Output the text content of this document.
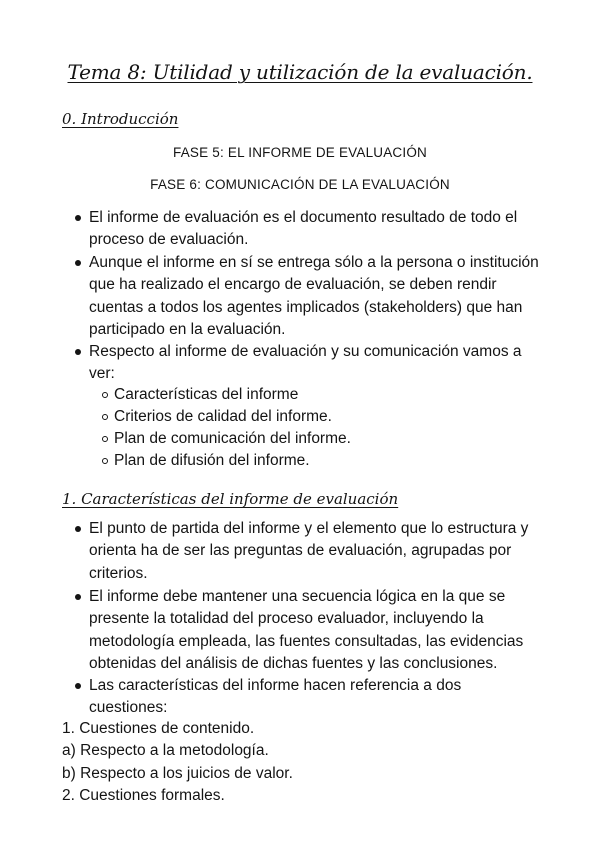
Tema 8: Utilidad y utilización de la evaluación.
0. Introducción
FASE 5: EL INFORME DE EVALUACIÓN
FASE 6: COMUNICACIÓN DE LA EVALUACIÓN
El informe de evaluación es el documento resultado de todo el proceso de evaluación.
Aunque el informe en sí se entrega sólo a la persona o institución que ha realizado el encargo de evaluación, se deben rendir cuentas a todos los agentes implicados (stakeholders) que han participado en la evaluación.
Respecto al informe de evaluación y su comunicación vamos a ver:
Características del informe
Criterios de calidad del informe.
Plan de comunicación del informe.
Plan de difusión del informe.
1. Características del informe de evaluación
El punto de partida del informe y el elemento que lo estructura y orienta ha de ser las preguntas de evaluación, agrupadas por criterios.
El informe debe mantener una secuencia lógica en la que se presente la totalidad del proceso evaluador, incluyendo la metodología empleada, las fuentes consultadas, las evidencias obtenidas del análisis de dichas fuentes y las conclusiones.
Las características del informe hacen referencia a dos cuestiones:
1. Cuestiones de contenido.
a) Respecto a la metodología.
b) Respecto a los juicios de valor.
2. Cuestiones formales.
